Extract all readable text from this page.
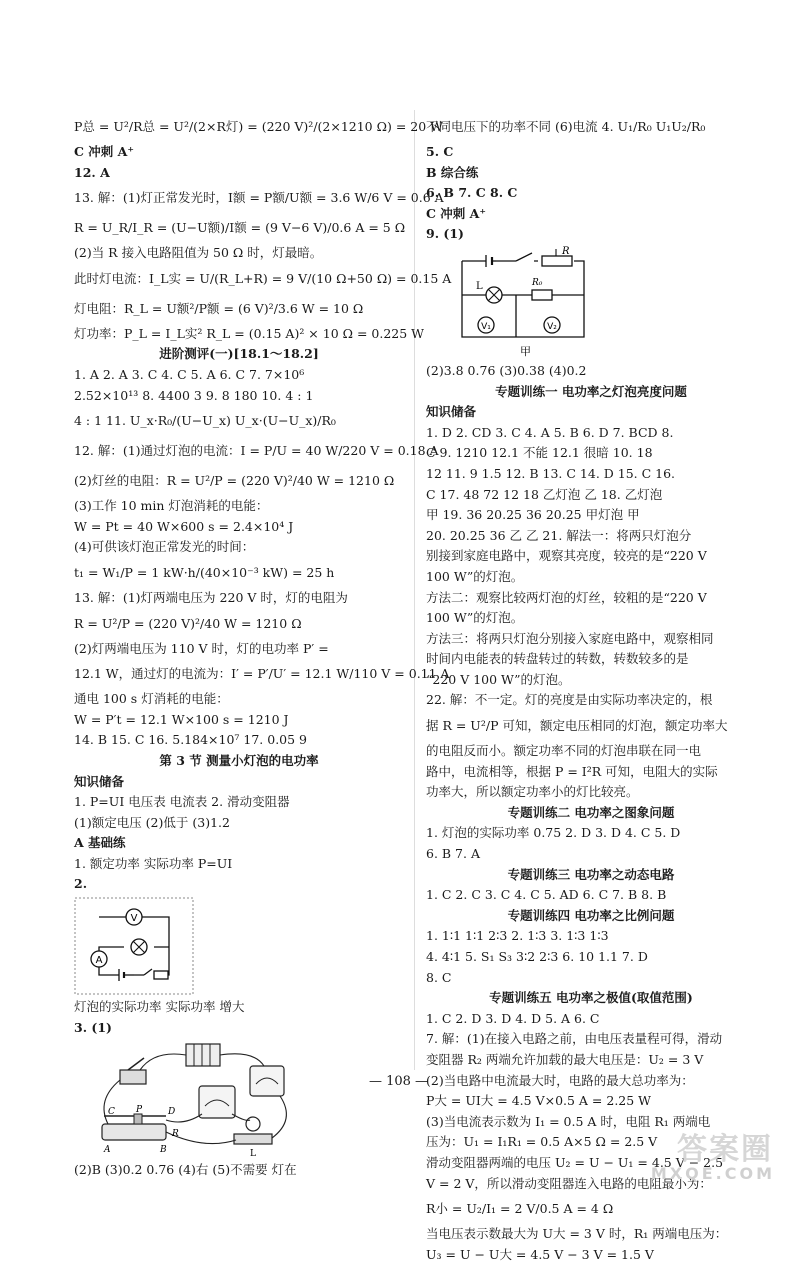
P总 = U²/R总 = U²/(2×R灯) = (220 V)²/(2×1210 Ω) = 20 W
C 冲刺 A⁺
12. A
13. 解：(1)灯正常发光时，I额 = P额/U额 = 3.6 W/6 V = 0.6 A
R = U_R/I_R = (U−U额)/I额 = (9 V−6 V)/0.6 A = 5 Ω
(2)当 R 接入电路阻值为 50 Ω 时，灯最暗。
此时灯电流：I_L实 = U/(R_L+R) = 9 V/(10 Ω+50 Ω) = 0.15 A
灯电阻：R_L = U额²/P额 = (6 V)²/3.6 W = 10 Ω
灯功率：P_L = I_L实² R_L = (0.15 A)² × 10 Ω = 0.225 W
进阶测评(一)[18.1～18.2]
1. A 2. A 3. C 4. C 5. A 6. C 7. 7×10⁶
2.52×10¹³ 8. 4400 3 9. 8 180 10. 4 : 1
4 : 1 11. U_x·R₀/(U−U_x) U_x·(U−U_x)/R₀
12. 解：(1)通过灯泡的电流：I = P/U = 40 W/220 V = 0.18 A
(2)灯丝的电阻：R = U²/P = (220 V)²/40 W = 1210 Ω
(3)工作 10 min 灯泡消耗的电能：
W = Pt = 40 W×600 s = 2.4×10⁴ J
(4)可供该灯泡正常发光的时间：
t₁ = W₁/P = 1 kW·h/(40×10⁻³ kW) = 25 h
13. 解：(1)灯两端电压为 220 V 时，灯的电阻为
R = U²/P = (220 V)²/40 W = 1210 Ω
(2)灯两端电压为 110 V 时，灯的电功率 P′ =
12.1 W，通过灯的电流为：I′ = P′/U′ = 12.1 W/110 V = 0.11 A
通电 100 s 灯消耗的电能：
W = P′t = 12.1 W×100 s = 1210 J
14. B 15. C 16. 5.184×10⁷ 17. 0.05 9
第 3 节 测量小灯泡的电功率
知识储备
1. P=UI 电压表 电流表 2. 滑动变阻器
(1)额定电压 (2)低于 (3)1.2
A 基础练
1. 额定功率 实际功率 P=UI
2.
V
A
灯泡的实际功率 实际功率 增大
3. (1)
P
C	D
A	B
R
L
(2)B (3)0.2 0.76 (4)右 (5)不需要 灯在
不同电压下的功率不同 (6)电流 4. U₁/R₀ U₁U₂/R₀
5. C
B 综合练
6. B 7. C 8. C
C 冲刺 A⁺
9. (1)
R
L	R₀
V₁	V₂
甲
(2)3.8 0.76 (3)0.38 (4)0.2
专题训练一 电功率之灯泡亮度问题
知识储备
1. D 2. CD 3. C 4. A 5. B 6. D 7. BCD 8.
C 9. 1210 12.1 不能 12.1 很暗 10. 18
12 11. 9 1.5 12. B 13. C 14. D 15. C 16.
C 17. 48 72 12 18 乙灯泡 乙 18. 乙灯泡
甲 19. 36 20.25 36 20.25 甲灯泡 甲
20. 20.25 36 乙 乙 21. 解法一：将两只灯泡分
别接到家庭电路中，观察其亮度，较亮的是“220 V
100 W”的灯泡。
方法二：观察比较两灯泡的灯丝，较粗的是“220 V
100 W”的灯泡。
方法三：将两只灯泡分别接入家庭电路中，观察相同
时间内电能表的转盘转过的转数，转数较多的是
“220 V 100 W”的灯泡。
22. 解：不一定。灯的亮度是由实际功率决定的，根
据 R = U²/P 可知，额定电压相同的灯泡，额定功率大
的电阻反而小。额定功率不同的灯泡串联在同一电
路中，电流相等，根据 P = I²R 可知，电阻大的实际
功率大，所以额定功率小的灯比较亮。
专题训练二 电功率之图象问题
1. 灯泡的实际功率 0.75 2. D 3. D 4. C 5. D
6. B 7. A
专题训练三 电功率之动态电路
1. C 2. C 3. C 4. C 5. AD 6. C 7. B 8. B
专题训练四 电功率之比例问题
1. 1∶1 1∶1 2∶3 2. 1∶3 3. 1∶3 1∶3
4. 4∶1 5. S₁ S₃ 3∶2 2∶3 6. 10 1.1 7. D
8. C
专题训练五 电功率之极值(取值范围)
1. C 2. D 3. D 4. D 5. A 6. C
7. 解：(1)在接入电路之前，由电压表量程可得，滑动
变阻器 R₂ 两端允许加载的最大电压是：U₂ = 3 V
(2)当电路中电流最大时，电路的最大总功率为：
P大 = UI大 = 4.5 V×0.5 A = 2.25 W
(3)当电流表示数为 I₁ = 0.5 A 时，电阻 R₁ 两端电
压为：U₁ = I₁R₁ = 0.5 A×5 Ω = 2.5 V
滑动变阻器两端的电压 U₂ = U − U₁ = 4.5 V − 2.5
V = 2 V，所以滑动变阻器连入电路的电阻最小为：
R小 = U₂/I₁ = 2 V/0.5 A = 4 Ω
当电压表示数最大为 U大 = 3 V 时，R₁ 两端电压为：
U₃ = U − U大 = 4.5 V − 3 V = 1.5 V
— 108 —
答案圈
MXQE.COM
